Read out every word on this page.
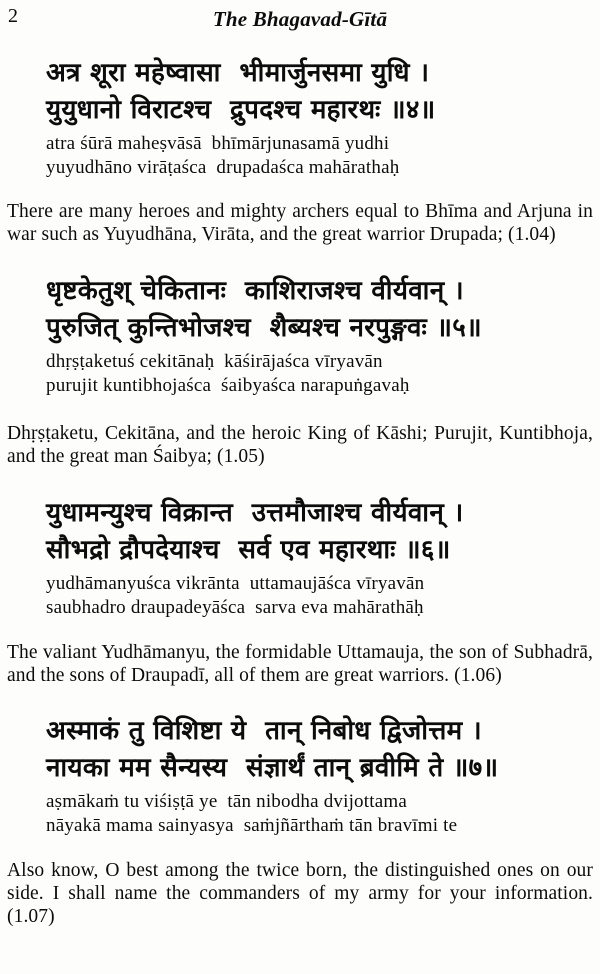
2	The Bhagavad-Gītā
अत्र शूरा महेष्वासा  भीमार्जुनसमा युधि ।
युयुधानो विराटश्च  द्रुपदश्च महारथः ॥४॥
atra śūrā maheṣvāsā  bhīmārjunasamā yudhi
yuyudhāno virāṭaśca  drupadaśca mahārathaḥ

There are many heroes and mighty archers equal to Bhīma and Arjuna in war such as Yuyudhāna, Virāta, and the great warrior Drupada; (1.04)

धृष्टकेतुश् चेकितानः  काशिराजश्च वीर्यवान् ।
पुरुजित् कुन्तिभोजश्च  शैब्यश्च नरपुङ्गवः ॥५॥
dhṛṣṭaketuś cekitānaḥ  kāśirājaśca vīryavān
purujit kuntibhojaśca  śaibyaśca narapuṅgavaḥ

Dhṛṣṭaketu, Cekitāna, and the heroic King of Kāshi; Purujit, Kuntibhoja, and the great man Śaibya; (1.05)

युधामन्युश्च विक्रान्त  उत्तमौजाश्च वीर्यवान् ।
सौभद्रो द्रौपदेयाश्च  सर्व एव महारथाः ॥६॥
yudhāmanyuśca vikrānta  uttamaujāśca vīryavān
saubhadro draupadeyāśca  sarva eva mahārathāḥ

The valiant Yudhāmanyu, the formidable Uttamauja, the son of Subhadrā, and the sons of Draupadī, all of them are great warriors. (1.06)

अस्माकं तु विशिष्टा ये  तान् निबोध द्विजोत्तम ।
नायका मम सैन्यस्य  संज्ञार्थं तान् ब्रवीमि ते ॥७॥
aṣmākaṁ tu viśiṣṭā ye  tān nibodha dvijottama
nāyakā mama sainyasya  saṁjñārthaṁ tān bravīmi te

Also know, O best among the twice born, the distinguished ones on our side. I shall name the commanders of my army for your information. (1.07)
